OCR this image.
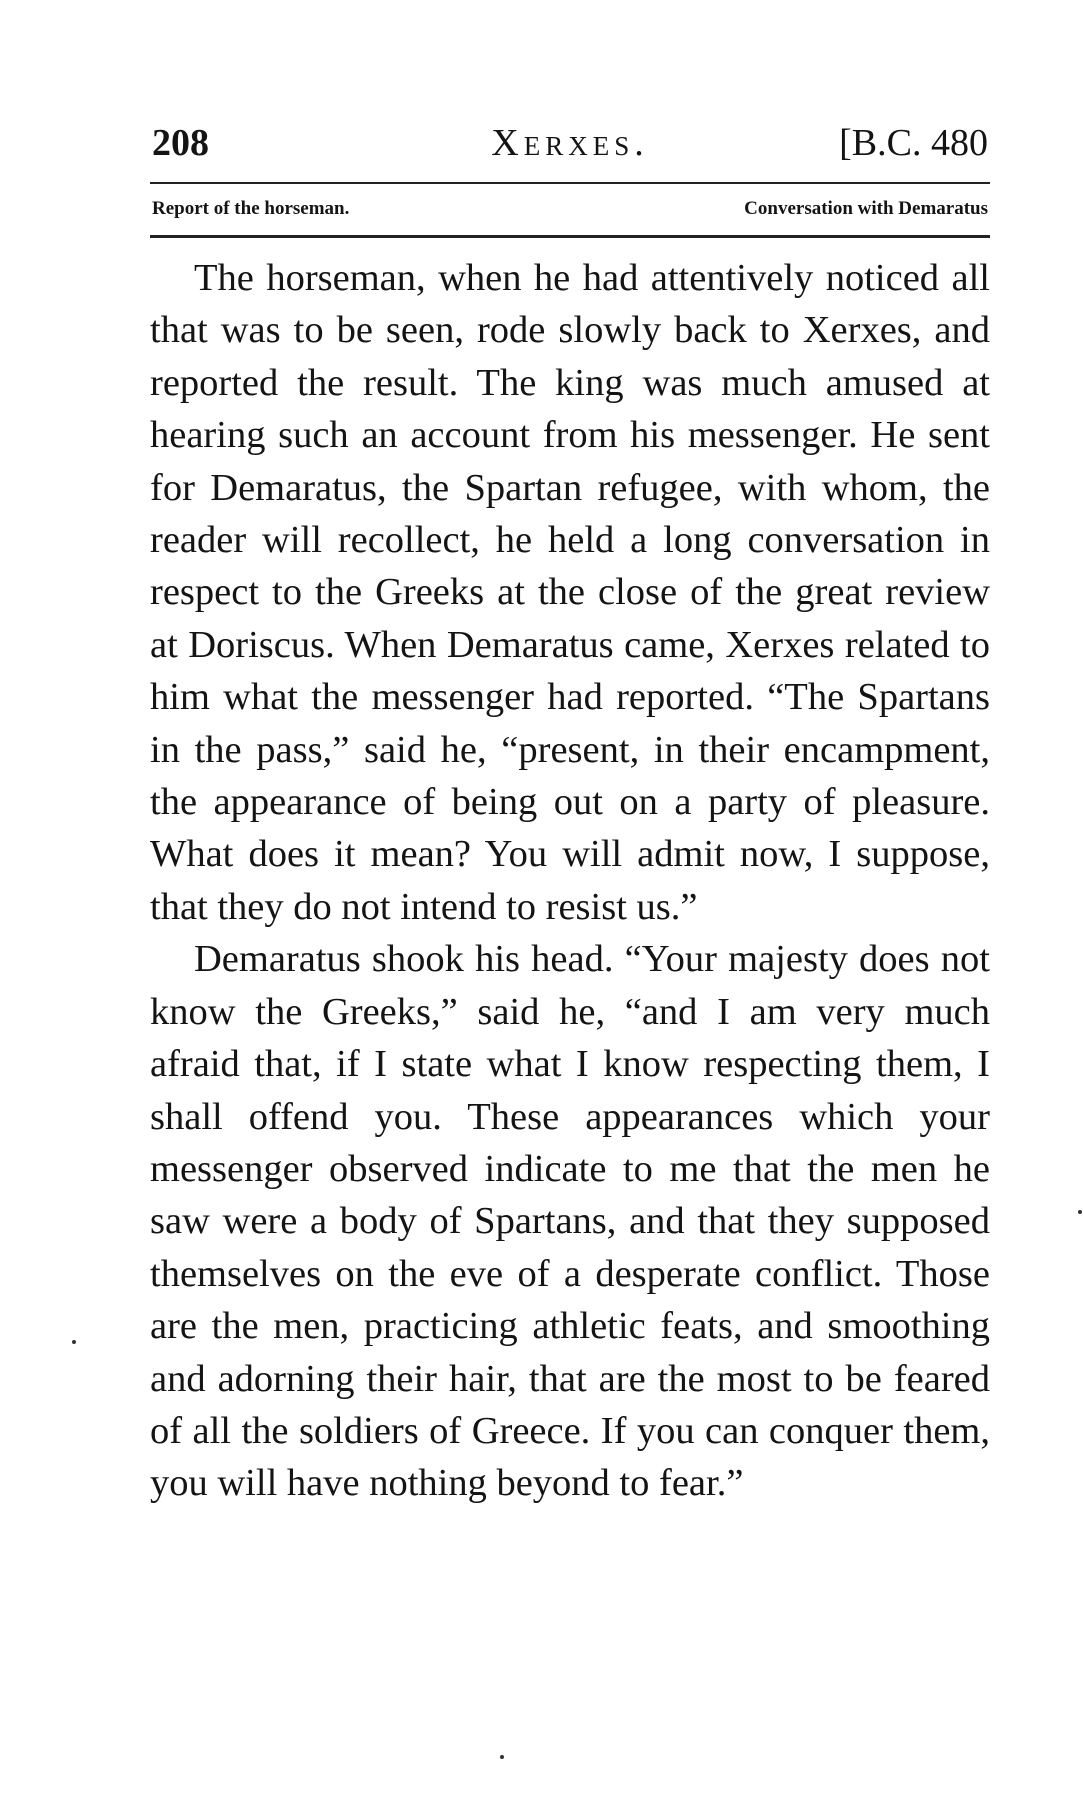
208	Xerxes.	[B.C. 480
Report of the horseman.	Conversation with Demaratus

The horseman, when he had attentively noticed all that was to be seen, rode slowly back to Xerxes, and reported the result. The king was much amused at hearing such an account from his messenger. He sent for Demaratus, the Spartan refugee, with whom, the reader will recollect, he held a long conversation in respect to the Greeks at the close of the great review at Doriscus. When Demaratus came, Xerxes related to him what the messenger had reported. “The Spartans in the pass,” said he, “present, in their encampment, the appearance of being out on a party of pleasure. What does it mean? You will admit now, I suppose, that they do not intend to resist us.”

Demaratus shook his head. “Your majesty does not know the Greeks,” said he, “and I am very much afraid that, if I state what I know respecting them, I shall offend you. These appearances which your messenger observed indicate to me that the men he saw were a body of Spartans, and that they supposed themselves on the eve of a desperate conflict. Those are the men, practicing athletic feats, and smoothing and adorning their hair, that are the most to be feared of all the soldiers of Greece. If you can conquer them, you will have nothing beyond to fear.”
